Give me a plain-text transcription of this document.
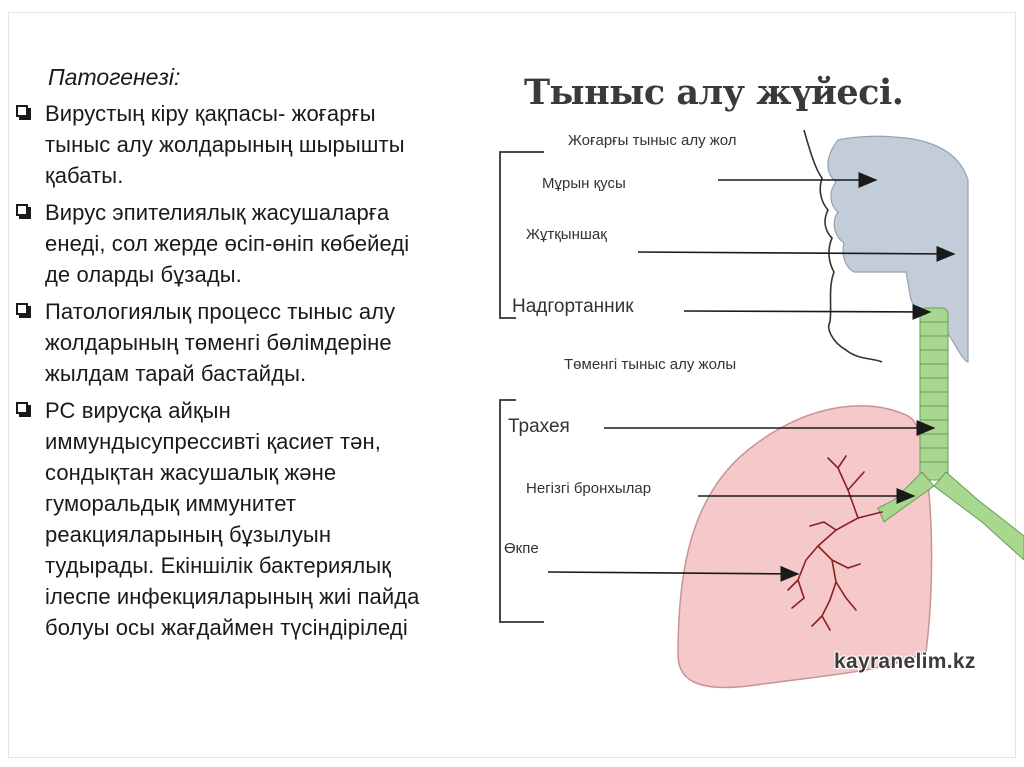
Патогенезі:
Вирустың кіру қақпасы- жоғарғы
тыныс алу жолдарының шырышты
қабаты.
Вирус эпителиялық жасушаларға
енеді, сол жерде өсіп-өніп көбейеді
де оларды бұзады.
Патологиялық процесс тыныс алу
жолдарының төменгі бөлімдеріне
жылдам тарай бастайды.
РС вирусқа айқын
иммундысупрессивті қасиет тән,
сондықтан жасушалық және
гуморальдық иммунитет
реакцияларының бұзылуын
тудырады. Екіншілік бактериялық
ілеспе инфекцияларының жиі пайда
болуы осы жағдаймен түсіндіріледі
Тыныс алу жүйесі.
Жоғарғы тыныс алу жол
Мұрын қусы
Жұтқыншақ
Надгортанник
Төменгі тыныс алу жолы
Трахея
Негізгі бронхылар
Өкпе
kayranelim.kz
